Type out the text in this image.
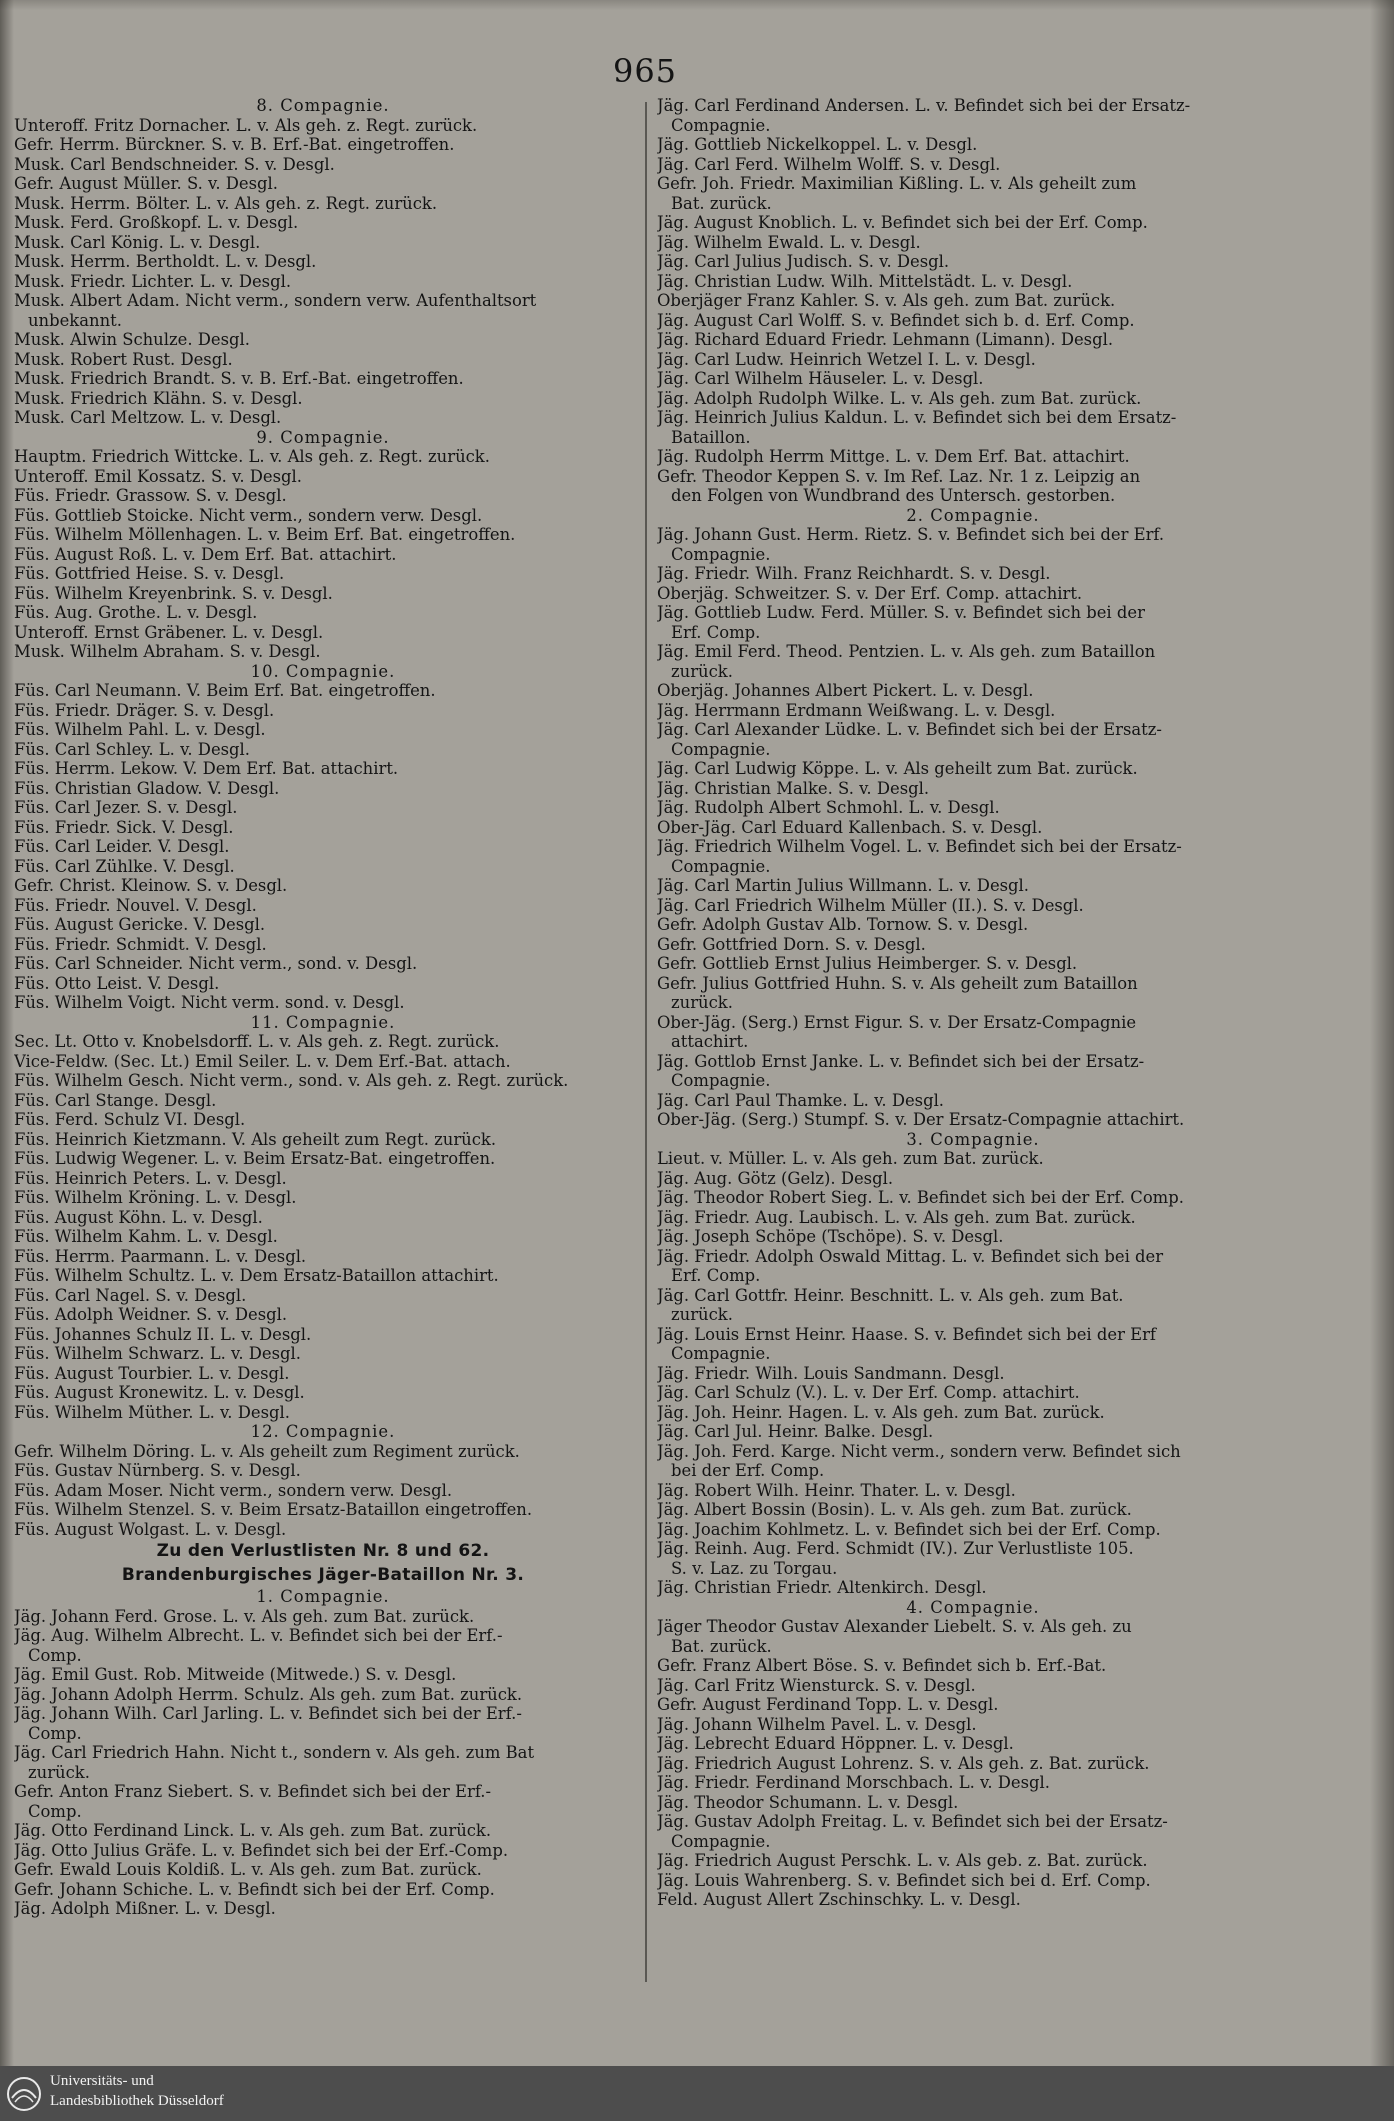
965
8. Compagnie.
Unteroff. Fritz Dornacher. L. v. Als geh. z. Regt. zurück.
Gefr. Herrm. Bürckner. S. v. B. Erf.-Bat. eingetroffen.
Musk. Carl Bendschneider. S. v. Desgl.
Gefr. August Müller. S. v. Desgl.
Musk. Herrm. Bölter. L. v. Als geh. z. Regt. zurück.
Musk. Ferd. Großkopf. L. v. Desgl.
Musk. Carl König. L. v. Desgl.
Musk. Herrm. Bertholdt. L. v. Desgl.
Musk. Friedr. Lichter. L. v. Desgl.
Musk. Albert Adam. Nicht verm., sondern verw. Aufenthaltsort
unbekannt.
Musk. Alwin Schulze. Desgl.
Musk. Robert Rust. Desgl.
Musk. Friedrich Brandt. S. v. B. Erf.-Bat. eingetroffen.
Musk. Friedrich Klähn. S. v. Desgl.
Musk. Carl Meltzow. L. v. Desgl.
9. Compagnie.
Hauptm. Friedrich Wittcke. L. v. Als geh. z. Regt. zurück.
Unteroff. Emil Kossatz. S. v. Desgl.
Füs. Friedr. Grassow. S. v. Desgl.
Füs. Gottlieb Stoicke. Nicht verm., sondern verw. Desgl.
Füs. Wilhelm Möllenhagen. L. v. Beim Erf. Bat. eingetroffen.
Füs. August Roß. L. v. Dem Erf. Bat. attachirt.
Füs. Gottfried Heise. S. v. Desgl.
Füs. Wilhelm Kreyenbrink. S. v. Desgl.
Füs. Aug. Grothe. L. v. Desgl.
Unteroff. Ernst Gräbener. L. v. Desgl.
Musk. Wilhelm Abraham. S. v. Desgl.
10. Compagnie.
Füs. Carl Neumann. V. Beim Erf. Bat. eingetroffen.
Füs. Friedr. Dräger. S. v. Desgl.
Füs. Wilhelm Pahl. L. v. Desgl.
Füs. Carl Schley. L. v. Desgl.
Füs. Herrm. Lekow. V. Dem Erf. Bat. attachirt.
Füs. Christian Gladow. V. Desgl.
Füs. Carl Jezer. S. v. Desgl.
Füs. Friedr. Sick. V. Desgl.
Füs. Carl Leider. V. Desgl.
Füs. Carl Zühlke. V. Desgl.
Gefr. Christ. Kleinow. S. v. Desgl.
Füs. Friedr. Nouvel. V. Desgl.
Füs. August Gericke. V. Desgl.
Füs. Friedr. Schmidt. V. Desgl.
Füs. Carl Schneider. Nicht verm., sond. v. Desgl.
Füs. Otto Leist. V. Desgl.
Füs. Wilhelm Voigt. Nicht verm. sond. v. Desgl.
11. Compagnie.
Sec. Lt. Otto v. Knobelsdorff. L. v. Als geh. z. Regt. zurück.
Vice-Feldw. (Sec. Lt.) Emil Seiler. L. v. Dem Erf.-Bat. attach.
Füs. Wilhelm Gesch. Nicht verm., sond. v. Als geh. z. Regt. zurück.
Füs. Carl Stange. Desgl.
Füs. Ferd. Schulz VI. Desgl.
Füs. Heinrich Kietzmann. V. Als geheilt zum Regt. zurück.
Füs. Ludwig Wegener. L. v. Beim Ersatz-Bat. eingetroffen.
Füs. Heinrich Peters. L. v. Desgl.
Füs. Wilhelm Kröning. L. v. Desgl.
Füs. August Köhn. L. v. Desgl.
Füs. Wilhelm Kahm. L. v. Desgl.
Füs. Herrm. Paarmann. L. v. Desgl.
Füs. Wilhelm Schultz. L. v. Dem Ersatz-Bataillon attachirt.
Füs. Carl Nagel. S. v. Desgl.
Füs. Adolph Weidner. S. v. Desgl.
Füs. Johannes Schulz II. L. v. Desgl.
Füs. Wilhelm Schwarz. L. v. Desgl.
Füs. August Tourbier. L. v. Desgl.
Füs. August Kronewitz. L. v. Desgl.
Füs. Wilhelm Müther. L. v. Desgl.
12. Compagnie.
Gefr. Wilhelm Döring. L. v. Als geheilt zum Regiment zurück.
Füs. Gustav Nürnberg. S. v. Desgl.
Füs. Adam Moser. Nicht verm., sondern verw. Desgl.
Füs. Wilhelm Stenzel. S. v. Beim Ersatz-Bataillon eingetroffen.
Füs. August Wolgast. L. v. Desgl.
Zu den Verlustlisten Nr. 8 und 62.
Brandenburgisches Jäger-Bataillon Nr. 3.
1. Compagnie.
Jäg. Johann Ferd. Grose. L. v. Als geh. zum Bat. zurück.
Jäg. Aug. Wilhelm Albrecht. L. v. Befindet sich bei der Erf.-
Comp.
Jäg. Emil Gust. Rob. Mitweide (Mitwede.) S. v. Desgl.
Jäg. Johann Adolph Herrm. Schulz. Als geh. zum Bat. zurück.
Jäg. Johann Wilh. Carl Jarling. L. v. Befindet sich bei der Erf.-
Comp.
Jäg. Carl Friedrich Hahn. Nicht t., sondern v. Als geh. zum Bat
zurück.
Gefr. Anton Franz Siebert. S. v. Befindet sich bei der Erf.-
Comp.
Jäg. Otto Ferdinand Linck. L. v. Als geh. zum Bat. zurück.
Jäg. Otto Julius Gräfe. L. v. Befindet sich bei der Erf.-Comp.
Gefr. Ewald Louis Koldiß. L. v. Als geh. zum Bat. zurück.
Gefr. Johann Schiche. L. v. Befindt sich bei der Erf. Comp.
Jäg. Adolph Mißner. L. v. Desgl.
Jäg. Carl Ferdinand Andersen. L. v. Befindet sich bei der Ersatz-
Compagnie.
Jäg. Gottlieb Nickelkoppel. L. v. Desgl.
Jäg. Carl Ferd. Wilhelm Wolff. S. v. Desgl.
Gefr. Joh. Friedr. Maximilian Kißling. L. v. Als geheilt zum
Bat. zurück.
Jäg. August Knoblich. L. v. Befindet sich bei der Erf. Comp.
Jäg. Wilhelm Ewald. L. v. Desgl.
Jäg. Carl Julius Judisch. S. v. Desgl.
Jäg. Christian Ludw. Wilh. Mittelstädt. L. v. Desgl.
Oberjäger Franz Kahler. S. v. Als geh. zum Bat. zurück.
Jäg. August Carl Wolff. S. v. Befindet sich b. d. Erf. Comp.
Jäg. Richard Eduard Friedr. Lehmann (Limann). Desgl.
Jäg. Carl Ludw. Heinrich Wetzel I. L. v. Desgl.
Jäg. Carl Wilhelm Häuseler. L. v. Desgl.
Jäg. Adolph Rudolph Wilke. L. v. Als geh. zum Bat. zurück.
Jäg. Heinrich Julius Kaldun. L. v. Befindet sich bei dem Ersatz-
Bataillon.
Jäg. Rudolph Herrm Mittge. L. v. Dem Erf. Bat. attachirt.
Gefr. Theodor Keppen S. v. Im Ref. Laz. Nr. 1 z. Leipzig an
den Folgen von Wundbrand des Untersch. gestorben.
2. Compagnie.
Jäg. Johann Gust. Herm. Rietz. S. v. Befindet sich bei der Erf.
Compagnie.
Jäg. Friedr. Wilh. Franz Reichhardt. S. v. Desgl.
Oberjäg. Schweitzer. S. v. Der Erf. Comp. attachirt.
Jäg. Gottlieb Ludw. Ferd. Müller. S. v. Befindet sich bei der
Erf. Comp.
Jäg. Emil Ferd. Theod. Pentzien. L. v. Als geh. zum Bataillon
zurück.
Oberjäg. Johannes Albert Pickert. L. v. Desgl.
Jäg. Herrmann Erdmann Weißwang. L. v. Desgl.
Jäg. Carl Alexander Lüdke. L. v. Befindet sich bei der Ersatz-
Compagnie.
Jäg. Carl Ludwig Köppe. L. v. Als geheilt zum Bat. zurück.
Jäg. Christian Malke. S. v. Desgl.
Jäg. Rudolph Albert Schmohl. L. v. Desgl.
Ober-Jäg. Carl Eduard Kallenbach. S. v. Desgl.
Jäg. Friedrich Wilhelm Vogel. L. v. Befindet sich bei der Ersatz-
Compagnie.
Jäg. Carl Martin Julius Willmann. L. v. Desgl.
Jäg. Carl Friedrich Wilhelm Müller (II.). S. v. Desgl.
Gefr. Adolph Gustav Alb. Tornow. S. v. Desgl.
Gefr. Gottfried Dorn. S. v. Desgl.
Gefr. Gottlieb Ernst Julius Heimberger. S. v. Desgl.
Gefr. Julius Gottfried Huhn. S. v. Als geheilt zum Bataillon
zurück.
Ober-Jäg. (Serg.) Ernst Figur. S. v. Der Ersatz-Compagnie
attachirt.
Jäg. Gottlob Ernst Janke. L. v. Befindet sich bei der Ersatz-
Compagnie.
Jäg. Carl Paul Thamke. L. v. Desgl.
Ober-Jäg. (Serg.) Stumpf. S. v. Der Ersatz-Compagnie attachirt.
3. Compagnie.
Lieut. v. Müller. L. v. Als geh. zum Bat. zurück.
Jäg. Aug. Götz (Gelz). Desgl.
Jäg. Theodor Robert Sieg. L. v. Befindet sich bei der Erf. Comp.
Jäg. Friedr. Aug. Laubisch. L. v. Als geh. zum Bat. zurück.
Jäg. Joseph Schöpe (Tschöpe). S. v. Desgl.
Jäg. Friedr. Adolph Oswald Mittag. L. v. Befindet sich bei der
Erf. Comp.
Jäg. Carl Gottfr. Heinr. Beschnitt. L. v. Als geh. zum Bat.
zurück.
Jäg. Louis Ernst Heinr. Haase. S. v. Befindet sich bei der Erf
Compagnie.
Jäg. Friedr. Wilh. Louis Sandmann. Desgl.
Jäg. Carl Schulz (V.). L. v. Der Erf. Comp. attachirt.
Jäg. Joh. Heinr. Hagen. L. v. Als geh. zum Bat. zurück.
Jäg. Carl Jul. Heinr. Balke. Desgl.
Jäg. Joh. Ferd. Karge. Nicht verm., sondern verw. Befindet sich
bei der Erf. Comp.
Jäg. Robert Wilh. Heinr. Thater. L. v. Desgl.
Jäg. Albert Bossin (Bosin). L. v. Als geh. zum Bat. zurück.
Jäg. Joachim Kohlmetz. L. v. Befindet sich bei der Erf. Comp.
Jäg. Reinh. Aug. Ferd. Schmidt (IV.). Zur Verlustliste 105.
S. v. Laz. zu Torgau.
Jäg. Christian Friedr. Altenkirch. Desgl.
4. Compagnie.
Jäger Theodor Gustav Alexander Liebelt. S. v. Als geh. zu
Bat. zurück.
Gefr. Franz Albert Böse. S. v. Befindet sich b. Erf.-Bat.
Jäg. Carl Fritz Wiensturck. S. v. Desgl.
Gefr. August Ferdinand Topp. L. v. Desgl.
Jäg. Johann Wilhelm Pavel. L. v. Desgl.
Jäg. Lebrecht Eduard Höppner. L. v. Desgl.
Jäg. Friedrich August Lohrenz. S. v. Als geh. z. Bat. zurück.
Jäg. Friedr. Ferdinand Morschbach. L. v. Desgl.
Jäg. Theodor Schumann. L. v. Desgl.
Jäg. Gustav Adolph Freitag. L. v. Befindet sich bei der Ersatz-
Compagnie.
Jäg. Friedrich August Perschk. L. v. Als geb. z. Bat. zurück.
Jäg. Louis Wahrenberg. S. v. Befindet sich bei d. Erf. Comp.
Feld. August Allert Zschinschky. L. v. Desgl.
Universitäts- und
Landesbibliothek Düsseldorf
